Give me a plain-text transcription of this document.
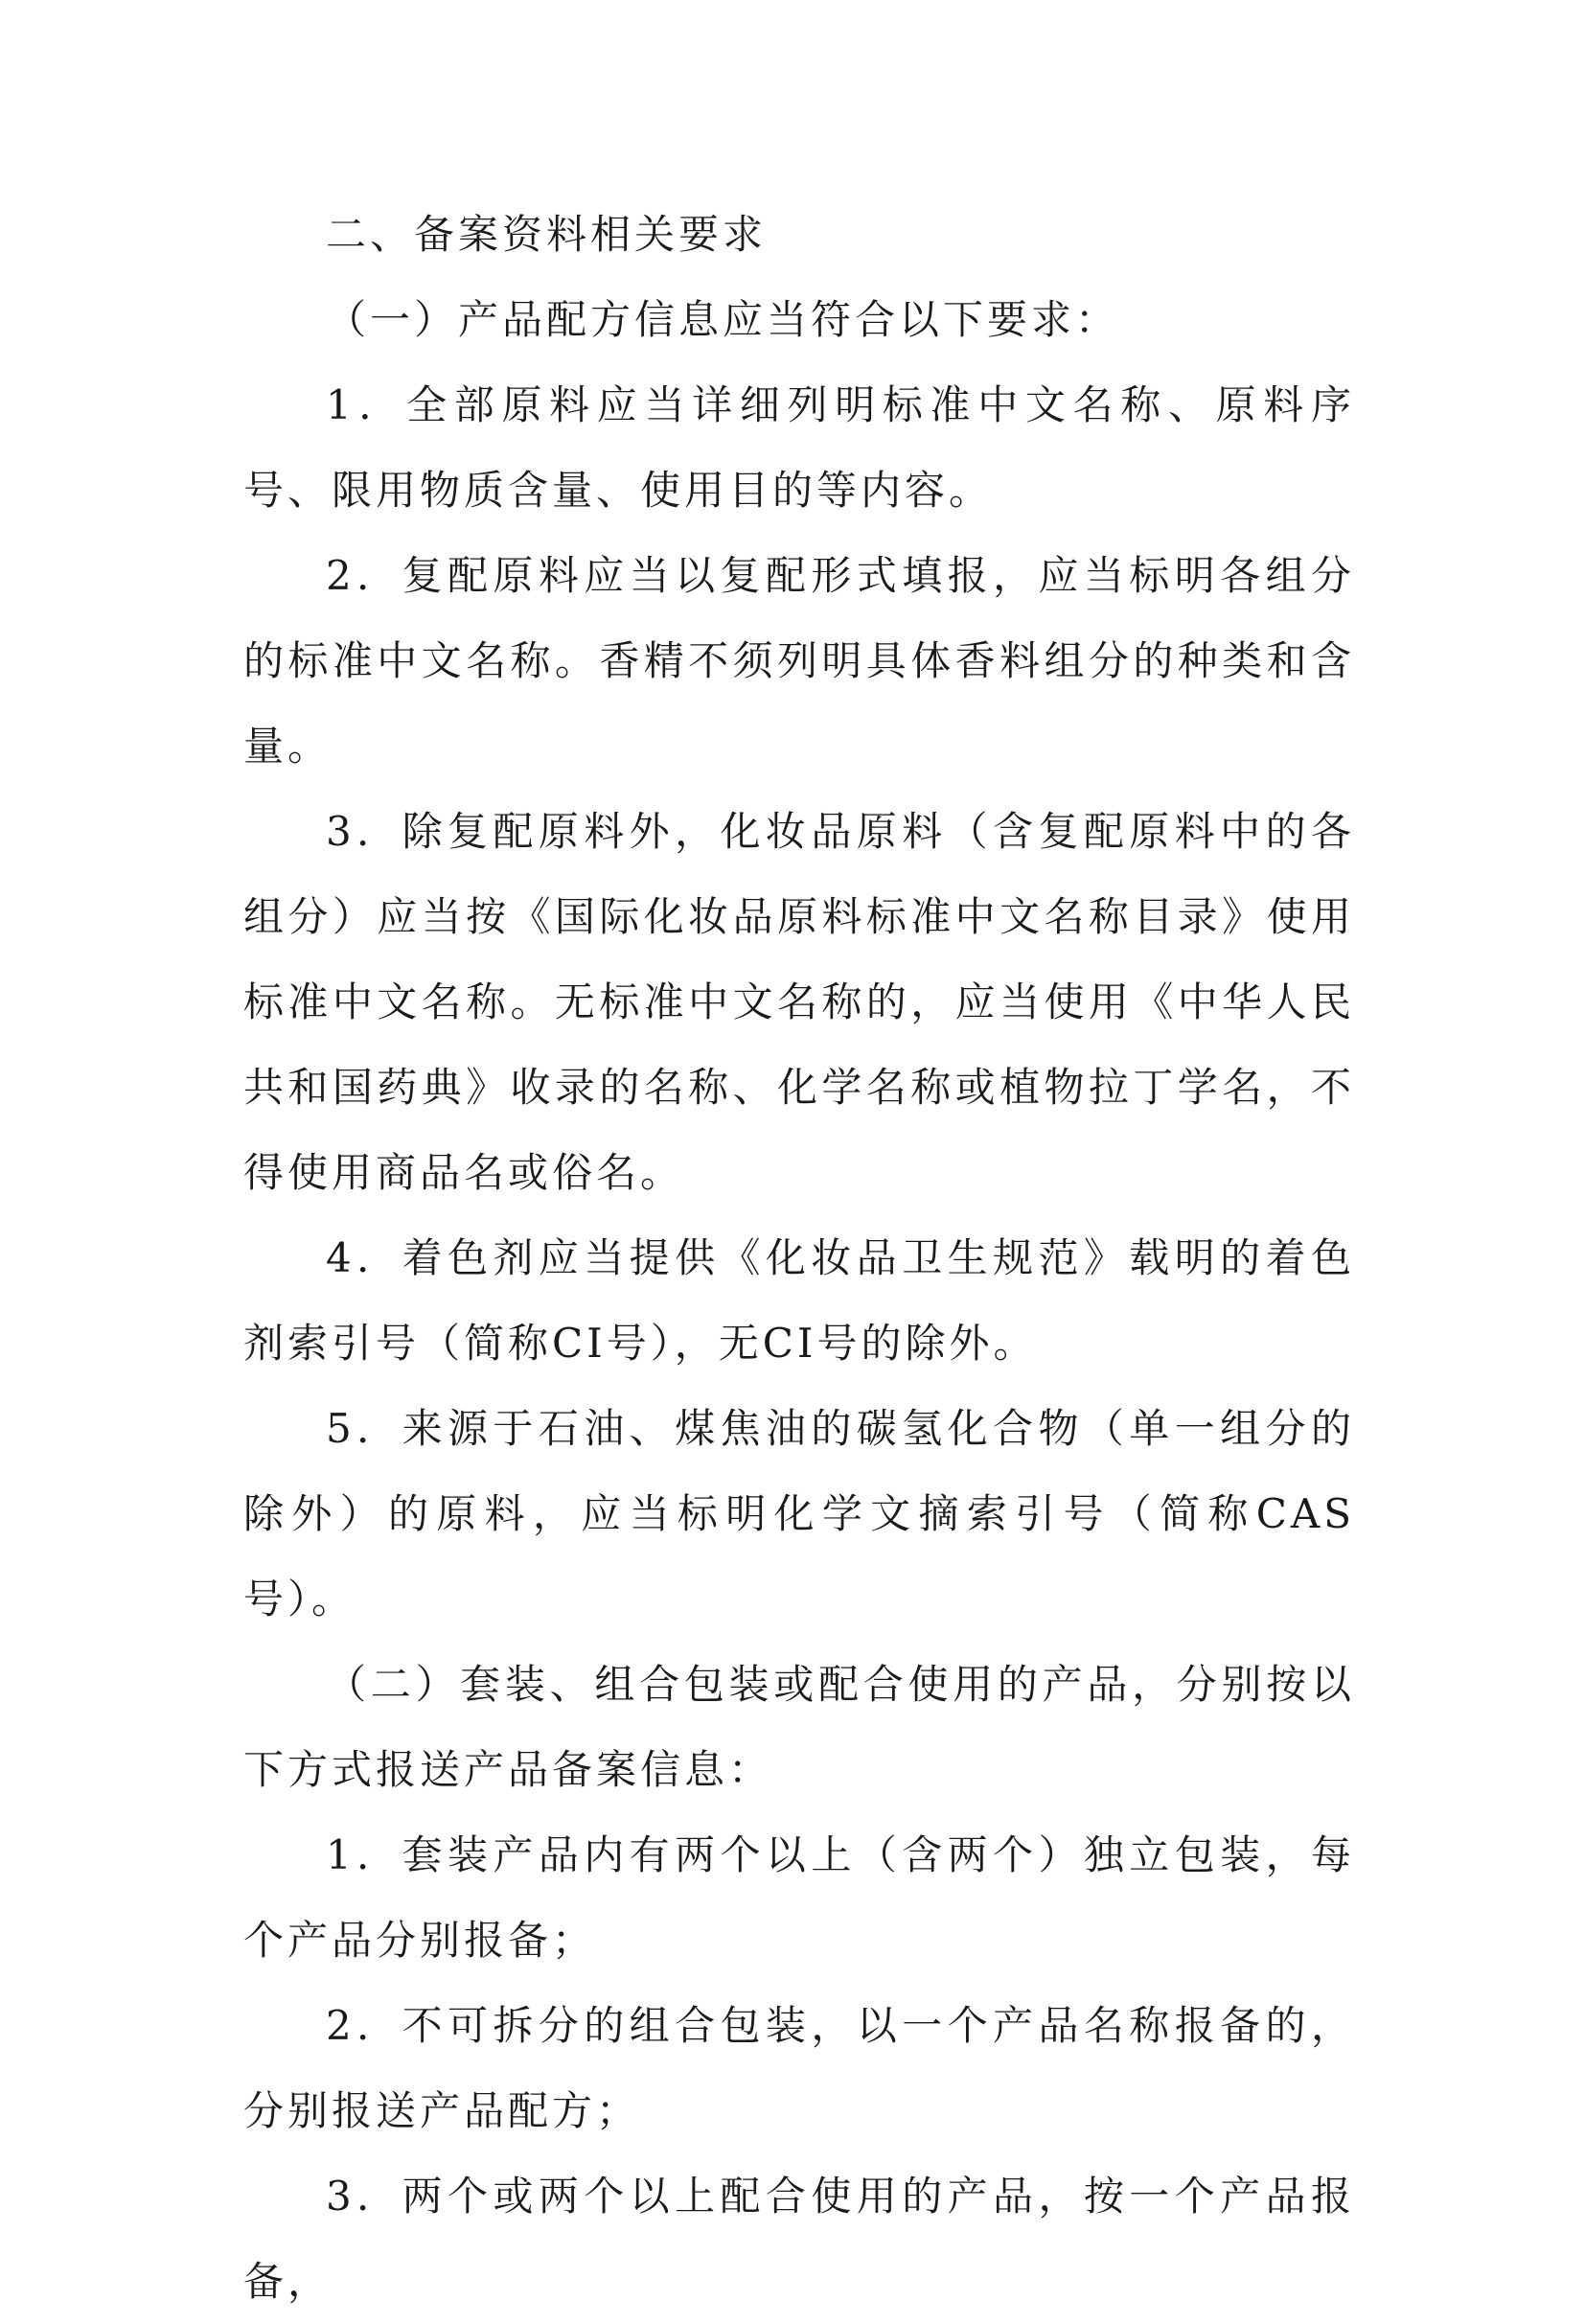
二、备案资料相关要求

（一）产品配方信息应当符合以下要求：

1．全部原料应当详细列明标准中文名称、原料序号、限用物质含量、使用目的等内容。

2．复配原料应当以复配形式填报，应当标明各组分的标准中文名称。香精不须列明具体香料组分的种类和含量。

3．除复配原料外，化妆品原料（含复配原料中的各组分）应当按《国际化妆品原料标准中文名称目录》使用标准中文名称。无标准中文名称的，应当使用《中华人民共和国药典》收录的名称、化学名称或植物拉丁学名，不得使用商品名或俗名。

4．着色剂应当提供《化妆品卫生规范》载明的着色剂索引号（简称CI号），无CI号的除外。

5．来源于石油、煤焦油的碳氢化合物（单一组分的除外）的原料，应当标明化学文摘索引号（简称CAS号）。

（二）套装、组合包装或配合使用的产品，分别按以下方式报送产品备案信息：

1．套装产品内有两个以上（含两个）独立包装，每个产品分别报备；

2．不可拆分的组合包装，以一个产品名称报备的，分别报送产品配方；

3．两个或两个以上配合使用的产品，按一个产品报备，
